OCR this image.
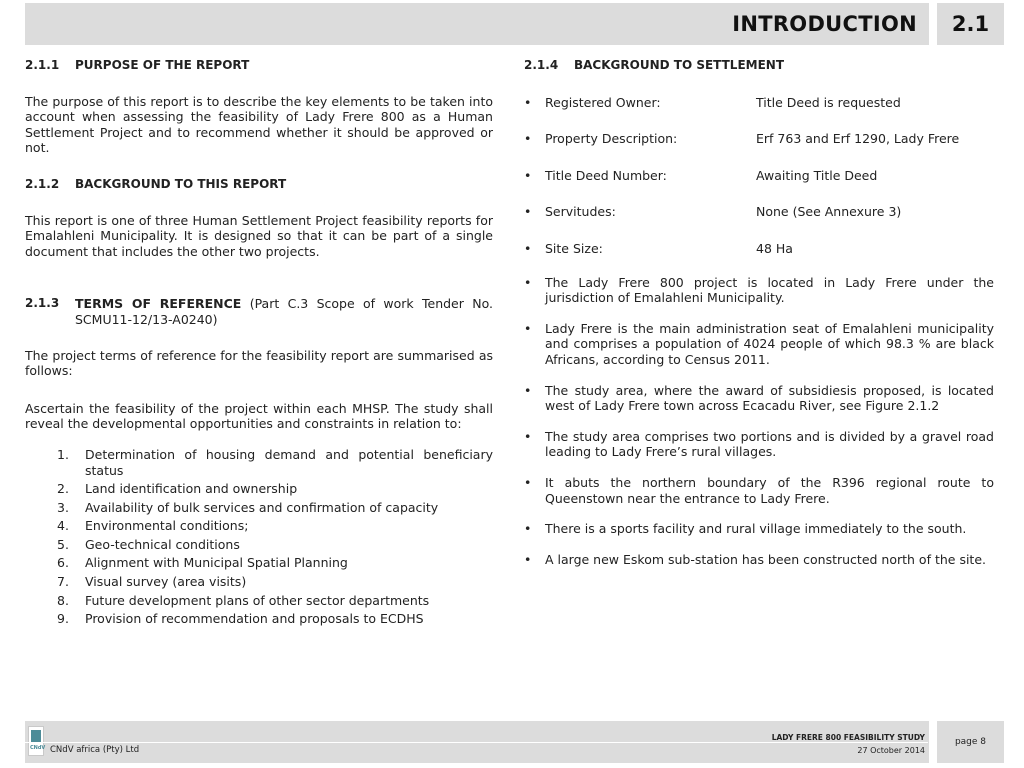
INTRODUCTION	2.1
2.1.1	PURPOSE OF THE REPORT
The purpose of this report is to describe the key elements to be taken into account when assessing the feasibility of Lady Frere 800 as a Human Settlement Project and to recommend whether it should be approved or not.
2.1.2	BACKGROUND TO THIS REPORT
This report is one of three Human Settlement Project feasibility reports for Emalahleni Municipality. It is designed so that it can be part of a single document that includes the other two projects.
2.1.3	TERMS OF REFERENCE (Part C.3 Scope of work Tender No. SCMU11-12/13-A0240)
The project terms of reference for the feasibility report are summarised as follows:
Ascertain the feasibility of the project within each MHSP. The study shall reveal the developmental opportunities and constraints in relation to:
1.	Determination of housing demand and potential beneficiary status
2.	Land identification and ownership
3.	Availability of bulk services and confirmation of capacity
4.	Environmental conditions;
5.	Geo-technical conditions
6.	Alignment with Municipal Spatial Planning
7.	Visual survey (area visits)
8.	Future development plans of other sector departments
9.	Provision of recommendation and proposals to ECDHS
2.1.4	BACKGROUND TO SETTLEMENT
•	Registered Owner:	Title Deed is requested
•	Property Description:	Erf 763 and Erf 1290, Lady Frere
•	Title Deed Number:	Awaiting Title Deed
•	Servitudes:	None (See Annexure 3)
•	Site Size:	48 Ha
•	The Lady Frere 800 project is located in Lady Frere under the jurisdiction of Emalahleni Municipality.
•	Lady Frere is the main administration seat of Emalahleni municipality and comprises a population of 4024 people of which 98.3 % are black Africans, according to Census 2011.
•	The study area, where the award of subsidiesis proposed, is located west of Lady Frere town across Ecacadu River, see Figure 2.1.2
•	The study area comprises two portions and is divided by a gravel road leading to Lady Frere’s rural villages.
•	It abuts the northern boundary of the R396 regional route to Queenstown near the entrance to Lady Frere.
•	There is a sports facility and rural village immediately to the south.
•	A large new Eskom sub-station has been constructed north of the site.
CNdV CNdV africa (Pty) Ltd
LADY FRERE 800 FEASIBILITY STUDY
27 October 2014
page 8
